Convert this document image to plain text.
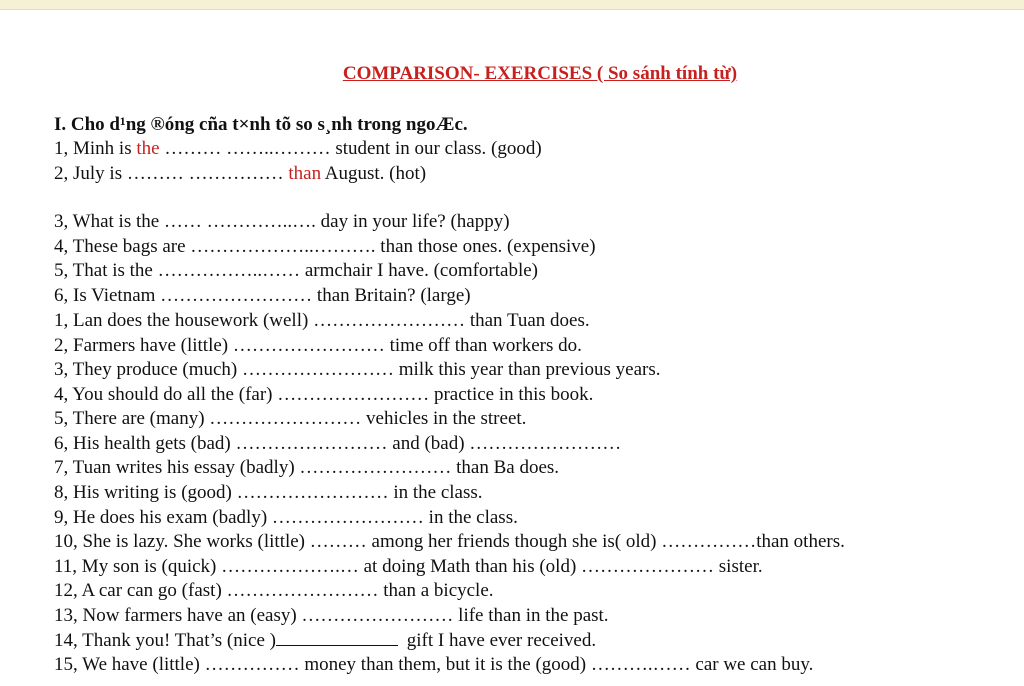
COMPARISON- EXERCISES ( So sánh tính từ)
I. Cho d¹ng ®óng cña t×nh tõ so s¸nh trong ngoÆc.
1, Minh is the ……… ……..……… student in our class. (good)
2, July is ……… …………… than August. (hot)
3, What is the …… …………..…. day in your life? (happy)
4, These bags are ………………..………. than those ones. (expensive)
5, That is the ……………..…… armchair I have. (comfortable)
6, Is Vietnam …………………… than Britain? (large)
1, Lan does the housework (well) …………………… than Tuan does.
2, Farmers have (little) …………………… time off than workers do.
3, They produce (much) …………………… milk this year than previous years.
4, You should do all the (far) …………………… practice in this book.
5, There are (many) …………………… vehicles in the street.
6, His health gets (bad) …………………… and (bad) ……………………
7, Tuan writes his essay (badly) …………………… than Ba does.
8, His writing is (good) …………………… in the class.
9, He does his exam (badly) …………………… in the class.
10, She is lazy. She works (little) ……… among her friends though she is( old) ……………than others.
11, My son is (quick) ……………….… at doing Math than his (old) ………………… sister.
12, A car can go (fast) …………………… than a bicycle.
13, Now farmers have an (easy) …………………… life than in the past.
14, Thank you! That’s (nice )	gift I have ever received.
15, We have (little) …………… money than them, but it is the (good) ……….…… car we can buy.
